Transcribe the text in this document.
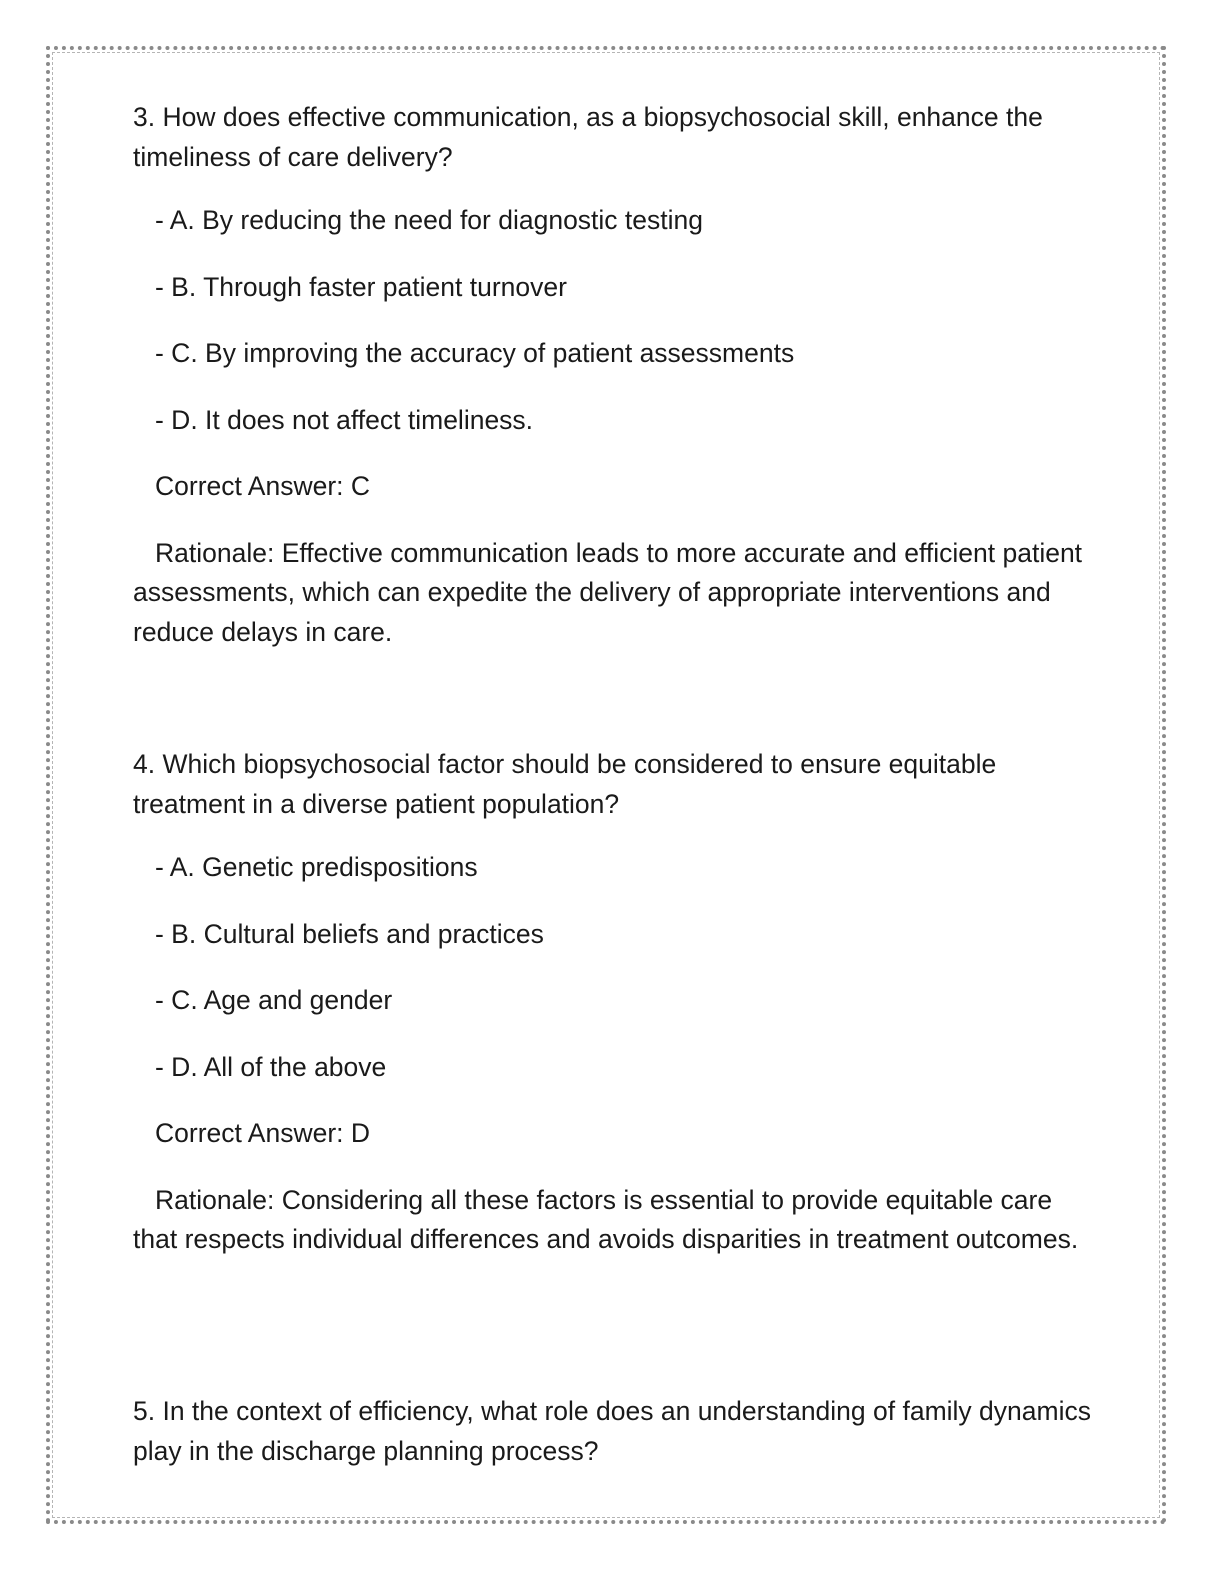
3. How does effective communication, as a biopsychosocial skill, enhance the timeliness of care delivery?

- A. By reducing the need for diagnostic testing

- B. Through faster patient turnover

- C. By improving the accuracy of patient assessments

- D. It does not affect timeliness.

Correct Answer: C

Rationale: Effective communication leads to more accurate and efficient patient assessments, which can expedite the delivery of appropriate interventions and reduce delays in care.

4. Which biopsychosocial factor should be considered to ensure equitable treatment in a diverse patient population?

- A. Genetic predispositions

- B. Cultural beliefs and practices

- C. Age and gender

- D. All of the above

Correct Answer: D

Rationale: Considering all these factors is essential to provide equitable care that respects individual differences and avoids disparities in treatment outcomes.

5. In the context of efficiency, what role does an understanding of family dynamics play in the discharge planning process?
